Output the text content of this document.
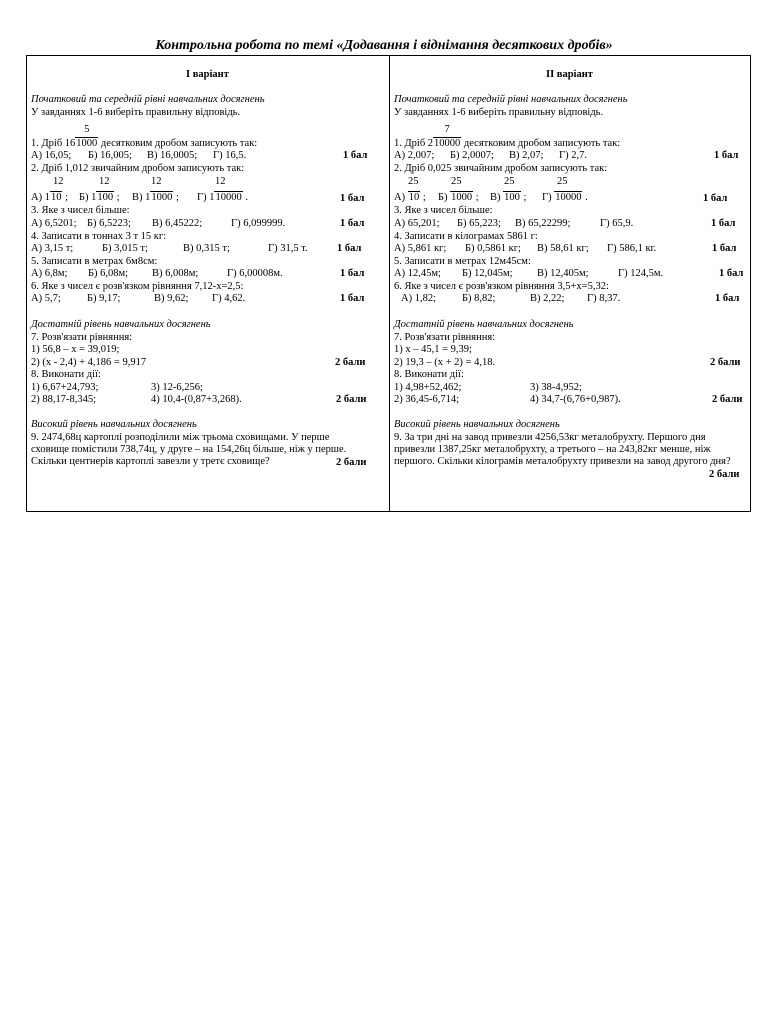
Контрольна робота по темі «Додавання і віднімання десяткових дробів»
І варіант
Початковий та середній рівні навчальних досягнень
У завданнях 1-6 виберіть правильну відповідь.
1. Дріб $16 \frac{5}{1000}$ десятковим дробом записують так:
А) 16,05; Б) 16,005; В) 16,0005; Г) 16,5.	1 бал
2. Дріб 1,012 звичайним дробом записують так:
12	12	12	12
А) 110 ; Б) 1100 ; В) 11000 ; Г) 110000 .	1 бал
3. Яке з чисел більше:
А) 6,5201; Б) 6,5223; В) 6,45222;	Г) 6,099999.	1 бал
4. Записати в тоннах 3 т 15 кг:
А) 3,15 т;	Б) 3,015 т;	В) 0,315 т;	Г) 31,5 т.	1 бал
5. Записати в метрах 6м8см:
А) 6,8м; Б) 6,08м; В) 6,008м;	Г) 6,00008м.	1 бал
6. Яке з чисел є розв'язком рівняння 7,12-х=2,5:
А) 5,7;	Б) 9,17;	В) 9,62; Г) 4,62.	1 бал
Достатній рівень навчальних досягнень
7. Розв'язати рівняння:
1) 56,8 – х = 39,019;
2) (х - 2,4) + 4,186 = 9,917	2 бали
8. Виконати дії:
1) 6,67+24,793;	3) 12-6,256;
2) 88,17-8,345;	4) 10,4-(0,87+3,268).	2 бали
Високий рівень навчальних досягнень
9. 2474,68ц картоплі розподілили між трьома сховищами. У перше сховище помістили 738,74ц, у друге – на 154,26ц більше, ніж у перше. Скільки центнерів картоплі завезли у третє сховище?	2 бали
ІІ варіант
Початковий та середній рівні навчальних досягнень
У завданнях 1-6 виберіть правильну відповідь.
1. Дріб $2 \frac{7}{10000}$ десятковим дробом записують так:
А) 2,007; Б) 2,0007; В) 2,07; Г) 2,7.	1 бал
2. Дріб 0,025 звичайним дробом записують так:
25	25	25	25
А) 10 ; Б) 1000 ; В) 100 ; Г) 10000 .	1 бал
3. Яке з чисел більше:
А) 65,201; Б) 65,223; В) 65,22299;	Г) 65,9.	1 бал
4. Записати в кілограмах 5861 г:
А) 5,861 кг; Б) 0,5861 кг; В) 58,61 кг; Г) 586,1 кг.	1 бал
5. Записати в метрах 12м45см:
А) 12,45м; Б) 12,045м; В) 12,405м;	Г) 124,5м.	1 бал
6. Яке з чисел є розв'язком рівняння 3,5+х=5,32:
А) 1,82; Б) 8,82;	В) 2,22; Г) 8,37.	1 бал
Достатній рівень навчальних досягнень
7. Розв'язати рівняння:
1) х – 45,1 = 9,39;
2) 19,3 – (х + 2) = 4,18.	2 бали
8. Виконати дії:
1) 4,98+52,462;	3) 38-4,952;
2) 36,45-6,714;	4) 34,7-(6,76+0,987).	2 бали
Високий рівень навчальних досягнень
9. За три дні на завод привезли 4256,53кг металобрухту. Першого дня привезли 1387,25кг металобрухту, а третього – на 243,82кг менше, ніж першого. Скільки кілограмів металобрухту привезли на завод другого дня?
2 бали
